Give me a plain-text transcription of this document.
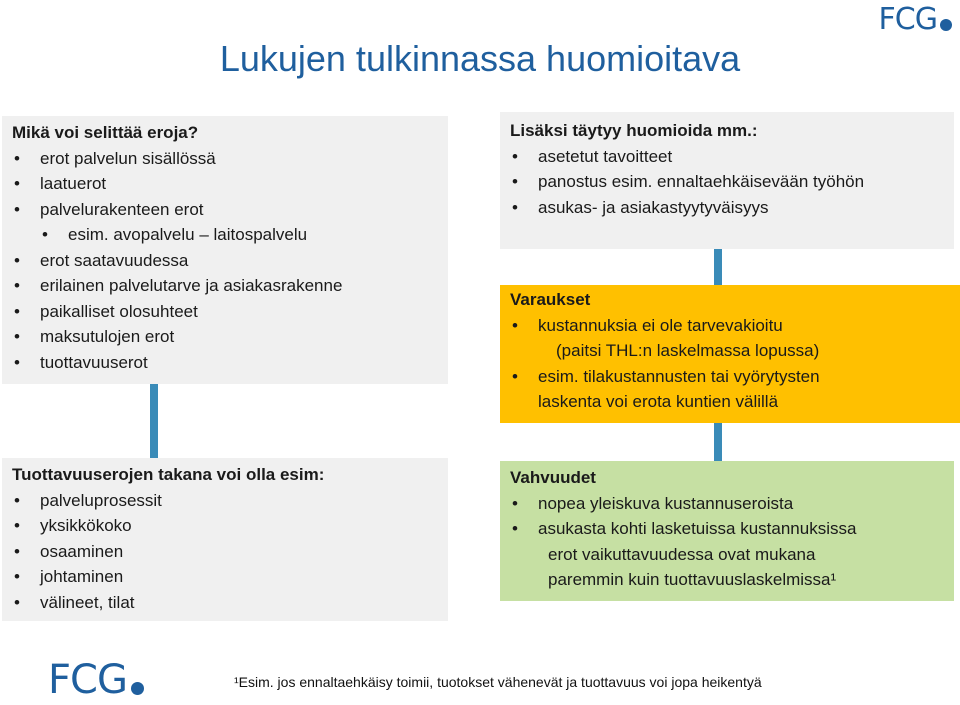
FCG
Lukujen tulkinnassa huomioitava
Mikä voi selittää eroja?
• erot palvelun sisällössä
• laatuerot
• palvelurakenteen erot
• esim. avopalvelu – laitospalvelu
• erot saatavuudessa
• erilainen palvelutarve ja asiakasrakenne
• paikalliset olosuhteet
• maksutulojen erot
• tuottavuuserot
Lisäksi täytyy huomioida mm.:
• asetetut tavoitteet
• panostus esim. ennaltaehkäisevään työhön
• asukas- ja asiakastyytyväisyys
Varaukset
• kustannuksia ei ole tarvevakioitu
(paitsi THL:n laskelmassa lopussa)
• esim. tilakustannusten tai vyörytysten
laskenta voi erota kuntien välillä
Tuottavuuserojen takana voi olla esim:
• palveluprosessit
• yksikkökoko
• osaaminen
• johtaminen
• välineet, tilat
Vahvuudet
• nopea yleiskuva kustannuseroista
• asukasta kohti lasketuissa kustannuksissa
erot vaikuttavuudessa ovat mukana
paremmin kuin tuottavuuslaskelmissa¹
FCG	¹Esim. jos ennaltaehkäisy toimii, tuotokset vähenevät ja tuottavuus voi jopa heikentyä
